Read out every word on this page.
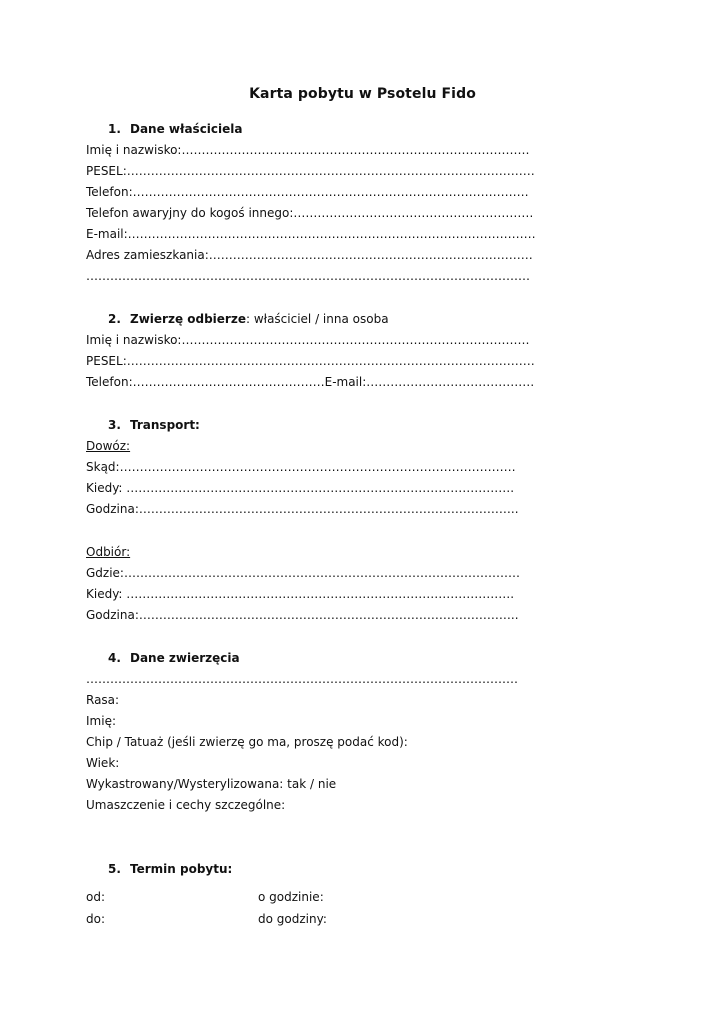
Karta pobytu w Psotelu Fido
1. Dane właściciela
Imię i nazwisko:……………………………………………………………………………
PESEL:…………………………………………………………………………………………
Telefon:………………………………………………………………………………………
Telefon awaryjny do kogoś innego:……………………………………………………
E-mail:…………………………………………………………………………………………
Adres zamieszkania:………………………………………………………………………
…………………………………………………………………………………………………
2. Zwierzę odbierze: właściciel / inna osoba
Imię i nazwisko:……………………………………………………………………………
PESEL:…………………………………………………………………………………………
Telefon:…………………………………………E-mail:……………………………………
3. Transport:
Dowóz:
Skąd:………………………………………………………………………………………
Kiedy: …………………………………………………………………………………….
Godzina:…………………………………………………………………………………..
Odbiór:
Gdzie:………………………………………………………………………………………
Kiedy: …………………………………………………………………………………….
Godzina:…………………………………………………………………………………..
4. Dane zwierzęcia
………………………………………………………………………………………………
Rasa:
Imię:
Chip / Tatuaż (jeśli zwierzę go ma, proszę podać kod):
Wiek:
Wykastrowany/Wysterylizowana: tak / nie
Umaszczenie i cechy szczególne:
5. Termin pobytu:
od:	o godzinie:
do:	do godziny:
